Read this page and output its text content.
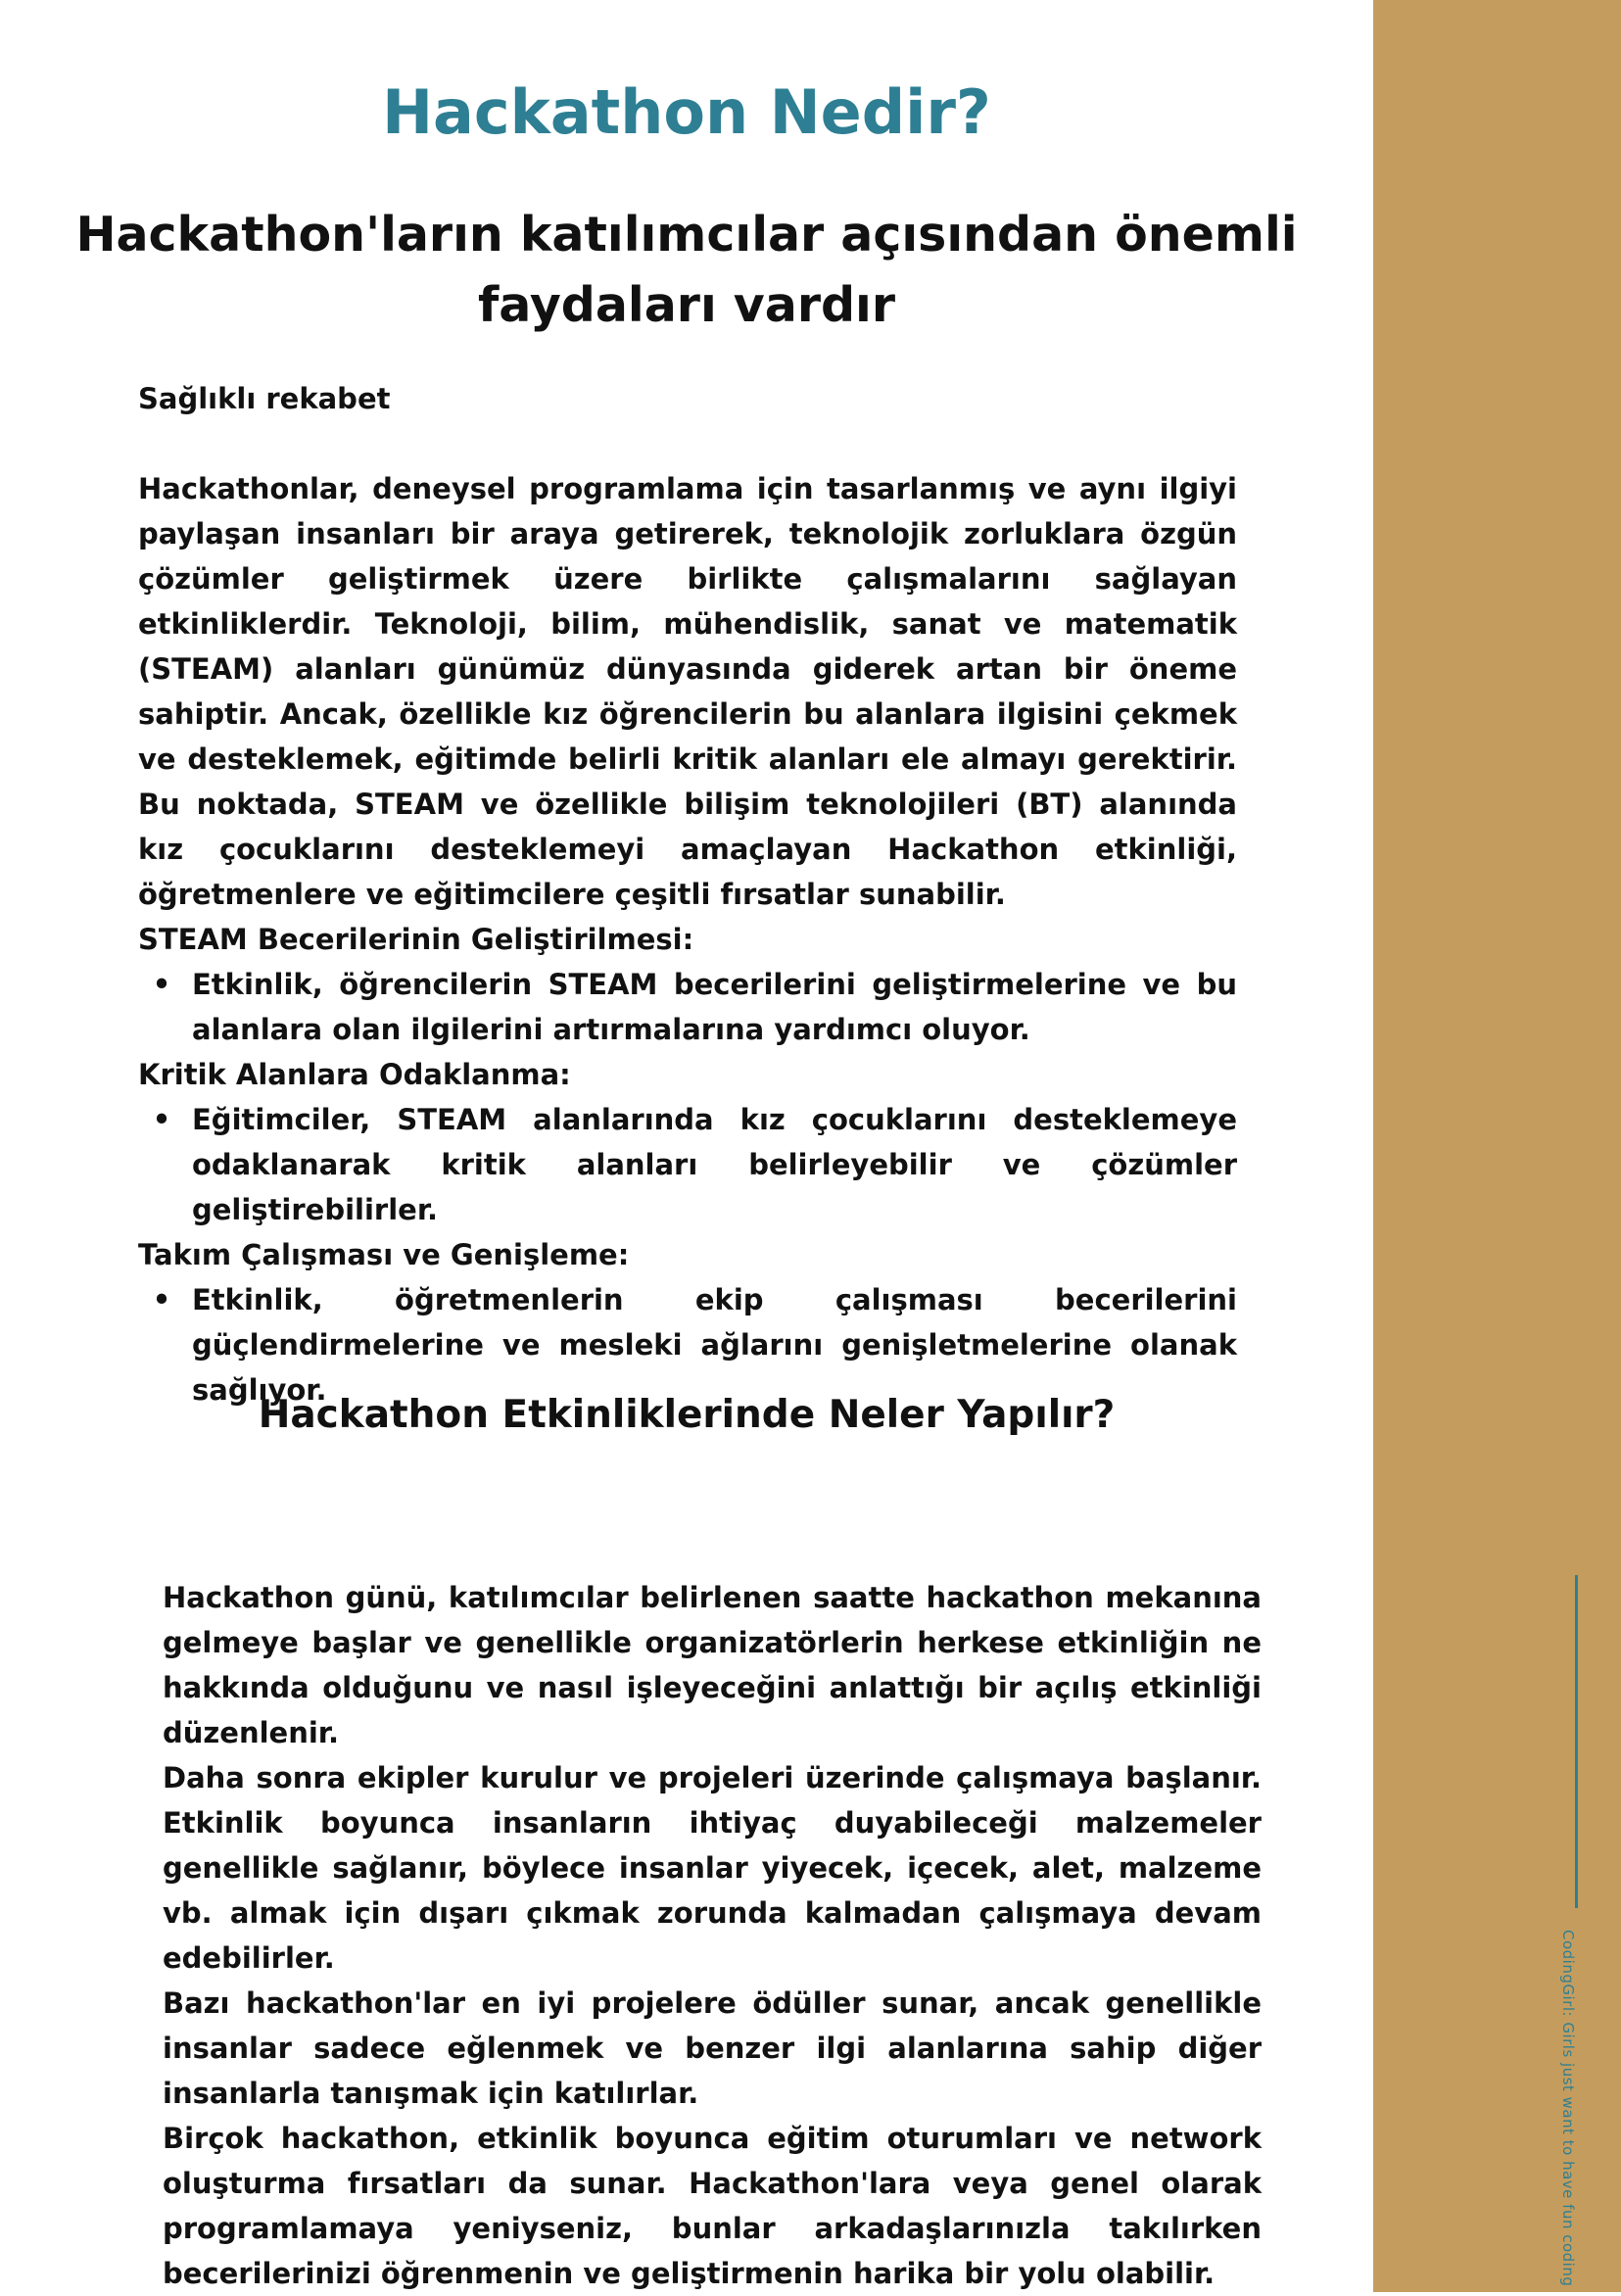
CodingGirl: Girls just want to have fun coding
Hackathon Nedir?
Hackathon'ların katılımcılar açısından önemli faydaları vardır

Sağlıklı rekabet

Hackathonlar, deneysel programlama için tasarlanmış ve aynı ilgiyi paylaşan insanları bir araya getirerek, teknolojik zorluklara özgün çözümler geliştirmek üzere birlikte çalışmalarını sağlayan etkinliklerdir. Teknoloji, bilim, mühendislik, sanat ve matematik (STEAM) alanları günümüz dünyasında giderek artan bir öneme sahiptir. Ancak, özellikle kız öğrencilerin bu alanlara ilgisini çekmek ve desteklemek, eğitimde belirli kritik alanları ele almayı gerektirir. Bu noktada, STEAM ve özellikle bilişim teknolojileri (BT) alanında kız çocuklarını desteklemeyi amaçlayan Hackathon etkinliği, öğretmenlere ve eğitimcilere çeşitli fırsatlar sunabilir.

STEAM Becerilerinin Geliştirilmesi:

• Etkinlik, öğrencilerin STEAM becerilerini geliştirmelerine ve bu alanlara olan ilgilerini artırmalarına yardımcı oluyor.

Kritik Alanlara Odaklanma:

• Eğitimciler, STEAM alanlarında kız çocuklarını desteklemeye odaklanarak kritik alanları belirleyebilir ve çözümler geliştirebilirler.

Takım Çalışması ve Genişleme:

• Etkinlik, öğretmenlerin ekip çalışması becerilerini güçlendirmelerine ve mesleki ağlarını genişletmelerine olanak sağlıyor.
Hackathon Etkinliklerinde Neler Yapılır?

Hackathon günü, katılımcılar belirlenen saatte hackathon mekanına gelmeye başlar ve genellikle organizatörlerin herkese etkinliğin ne hakkında olduğunu ve nasıl işleyeceğini anlattığı bir açılış etkinliği düzenlenir.

Daha sonra ekipler kurulur ve projeleri üzerinde çalışmaya başlanır. Etkinlik boyunca insanların ihtiyaç duyabileceği malzemeler genellikle sağlanır, böylece insanlar yiyecek, içecek, alet, malzeme vb. almak için dışarı çıkmak zorunda kalmadan çalışmaya devam edebilirler.

Bazı hackathon'lar en iyi projelere ödüller sunar, ancak genellikle insanlar sadece eğlenmek ve benzer ilgi alanlarına sahip diğer insanlarla tanışmak için katılırlar.

Birçok hackathon, etkinlik boyunca eğitim oturumları ve network oluşturma fırsatları da sunar. Hackathon'lara veya genel olarak programlamaya yeniyseniz, bunlar arkadaşlarınızla takılırken becerilerinizi öğrenmenin ve geliştirmenin harika bir yolu olabilir.
